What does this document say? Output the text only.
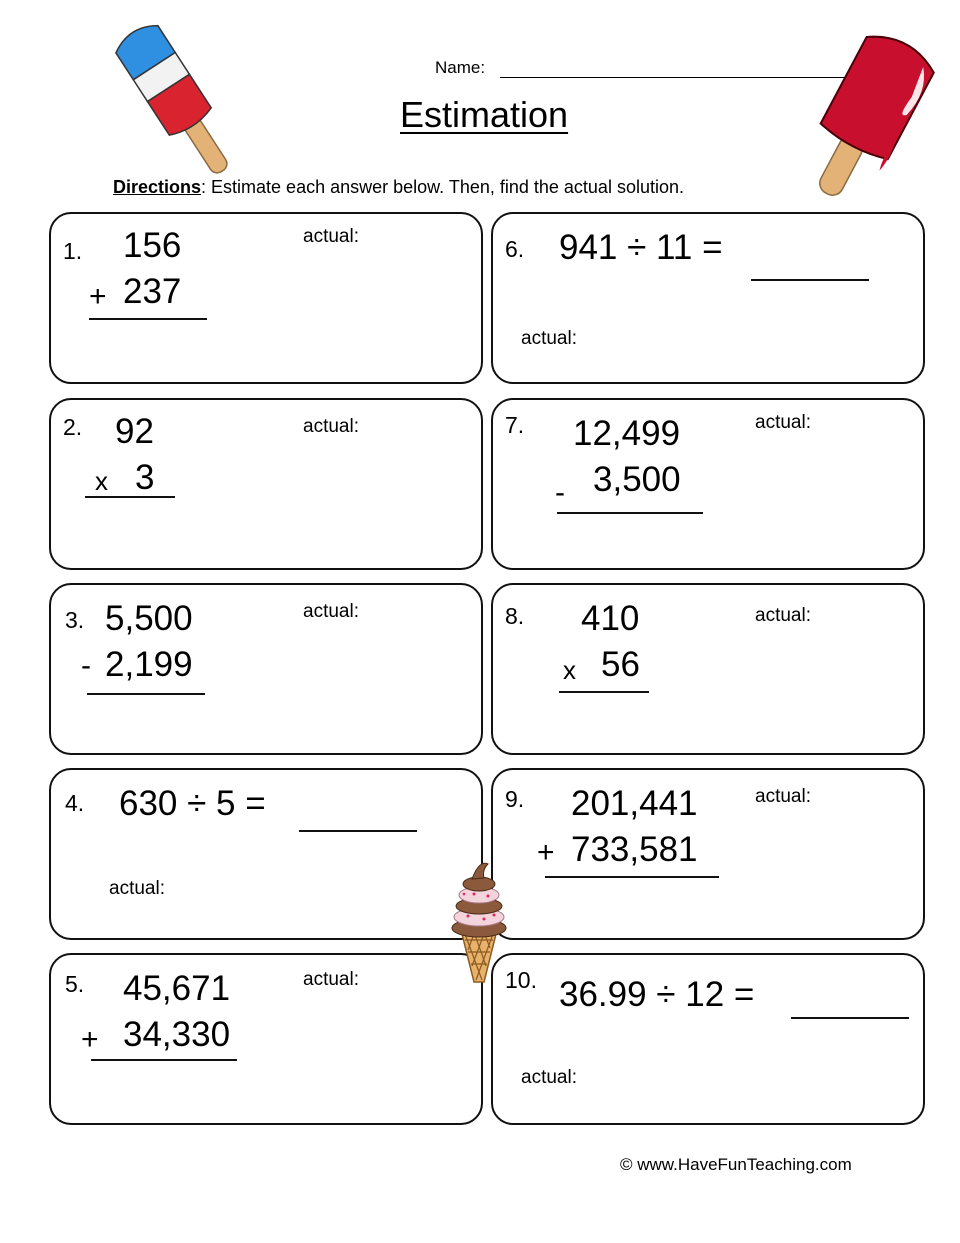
Name:
Estimation
Directions: Estimate each answer below. Then, find the actual solution.
1. 156
+ 237
actual:
2. 92
x 3
actual:
3. 5,500
- 2,199
actual:
4. 630 ÷ 5 =
actual:
5. 45,671
+ 34,330
actual:
6. 941 ÷ 11 =
actual:
7. 12,499
- 3,500
actual:
8. 410
x 56
actual:
9. 201,441
+ 733,581
actual:
10. 36.99 ÷ 12 =
actual:
© www.HaveFunTeaching.com
